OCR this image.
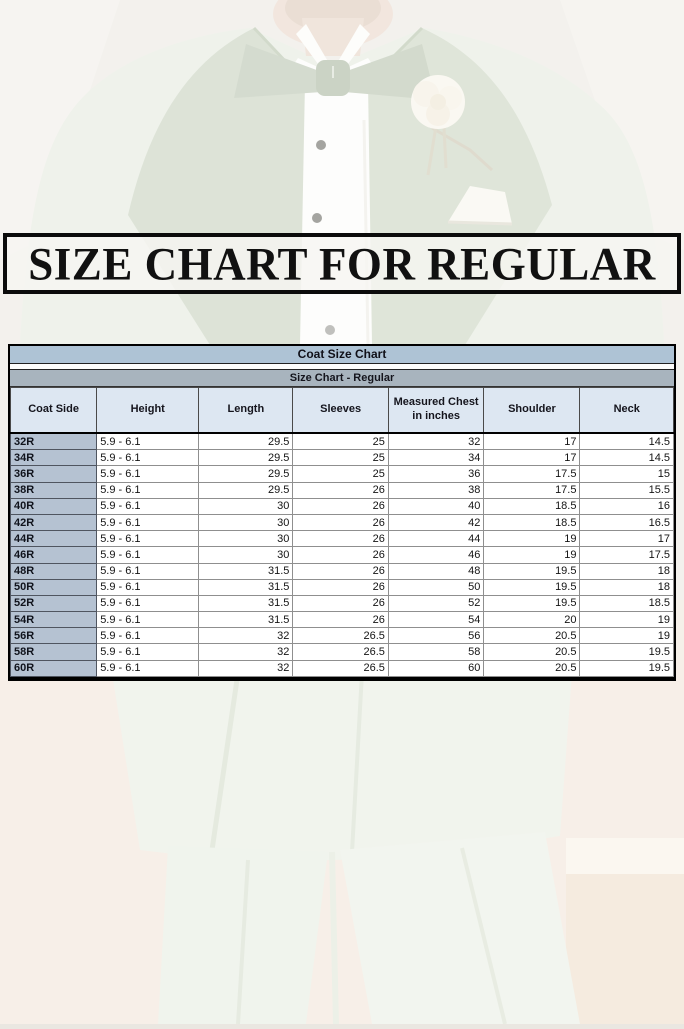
SIZE CHART FOR REGULAR
Coat Size Chart
Size Chart - Regular
Coat Side	Height	Length	Sleeves	Measured Chest in inches	Shoulder	Neck
32R	5.9 - 6.1	29.5	25	32	17	14.5
34R	5.9 - 6.1	29.5	25	34	17	14.5
36R	5.9 - 6.1	29.5	25	36	17.5	15
38R	5.9 - 6.1	29.5	26	38	17.5	15.5
40R	5.9 - 6.1	30	26	40	18.5	16
42R	5.9 - 6.1	30	26	42	18.5	16.5
44R	5.9 - 6.1	30	26	44	19	17
46R	5.9 - 6.1	30	26	46	19	17.5
48R	5.9 - 6.1	31.5	26	48	19.5	18
50R	5.9 - 6.1	31.5	26	50	19.5	18
52R	5.9 - 6.1	31.5	26	52	19.5	18.5
54R	5.9 - 6.1	31.5	26	54	20	19
56R	5.9 - 6.1	32	26.5	56	20.5	19
58R	5.9 - 6.1	32	26.5	58	20.5	19.5
60R	5.9 - 6.1	32	26.5	60	20.5	19.5
